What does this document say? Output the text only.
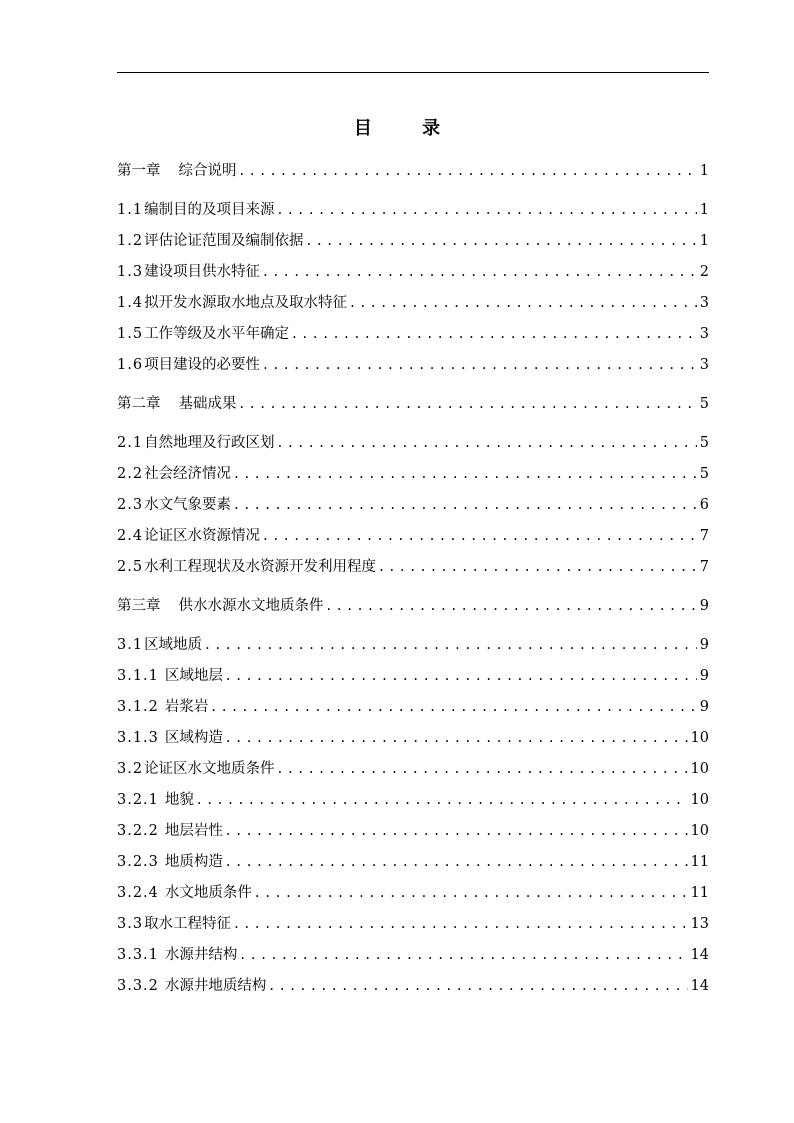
目 录
第一章 综合说明 . . .	1
1.1 编制目的及项目来源 . . .	1
1.2 评估论证范围及编制依据 . . .	1
1.3 建设项目供水特征 . . .	2
1.4 拟开发水源取水地点及取水特征 . . .	3
1.5 工作等级及水平年确定 . . .	3
1.6 项目建设的必要性 . . .	3
第二章 基础成果 . . .	5
2.1 自然地理及行政区划 . . .	5
2.2 社会经济情况 . . .	5
2.3 水文气象要素 . . .	6
2.4 论证区水资源情况 . . .	7
2.5 水利工程现状及水资源开发利用程度 . . .	7
第三章 供水水源水文地质条件 . . .	9
3.1 区域地质 . . .	9
3.1.1 区域地层 . . .	9
3.1.2 岩浆岩 . . .	9
3.1.3 区域构造 . . .	10
3.2 论证区水文地质条件 . . .	10
3.2.1 地貌 . . .	10
3.2.2 地层岩性 . . .	10
3.2.3 地质构造 . . .	11
3.2.4 水文地质条件 . . .	11
3.3 取水工程特征 . . .	13
3.3.1 水源井结构 . . .	14
3.3.2 水源井地质结构 . . .	14
